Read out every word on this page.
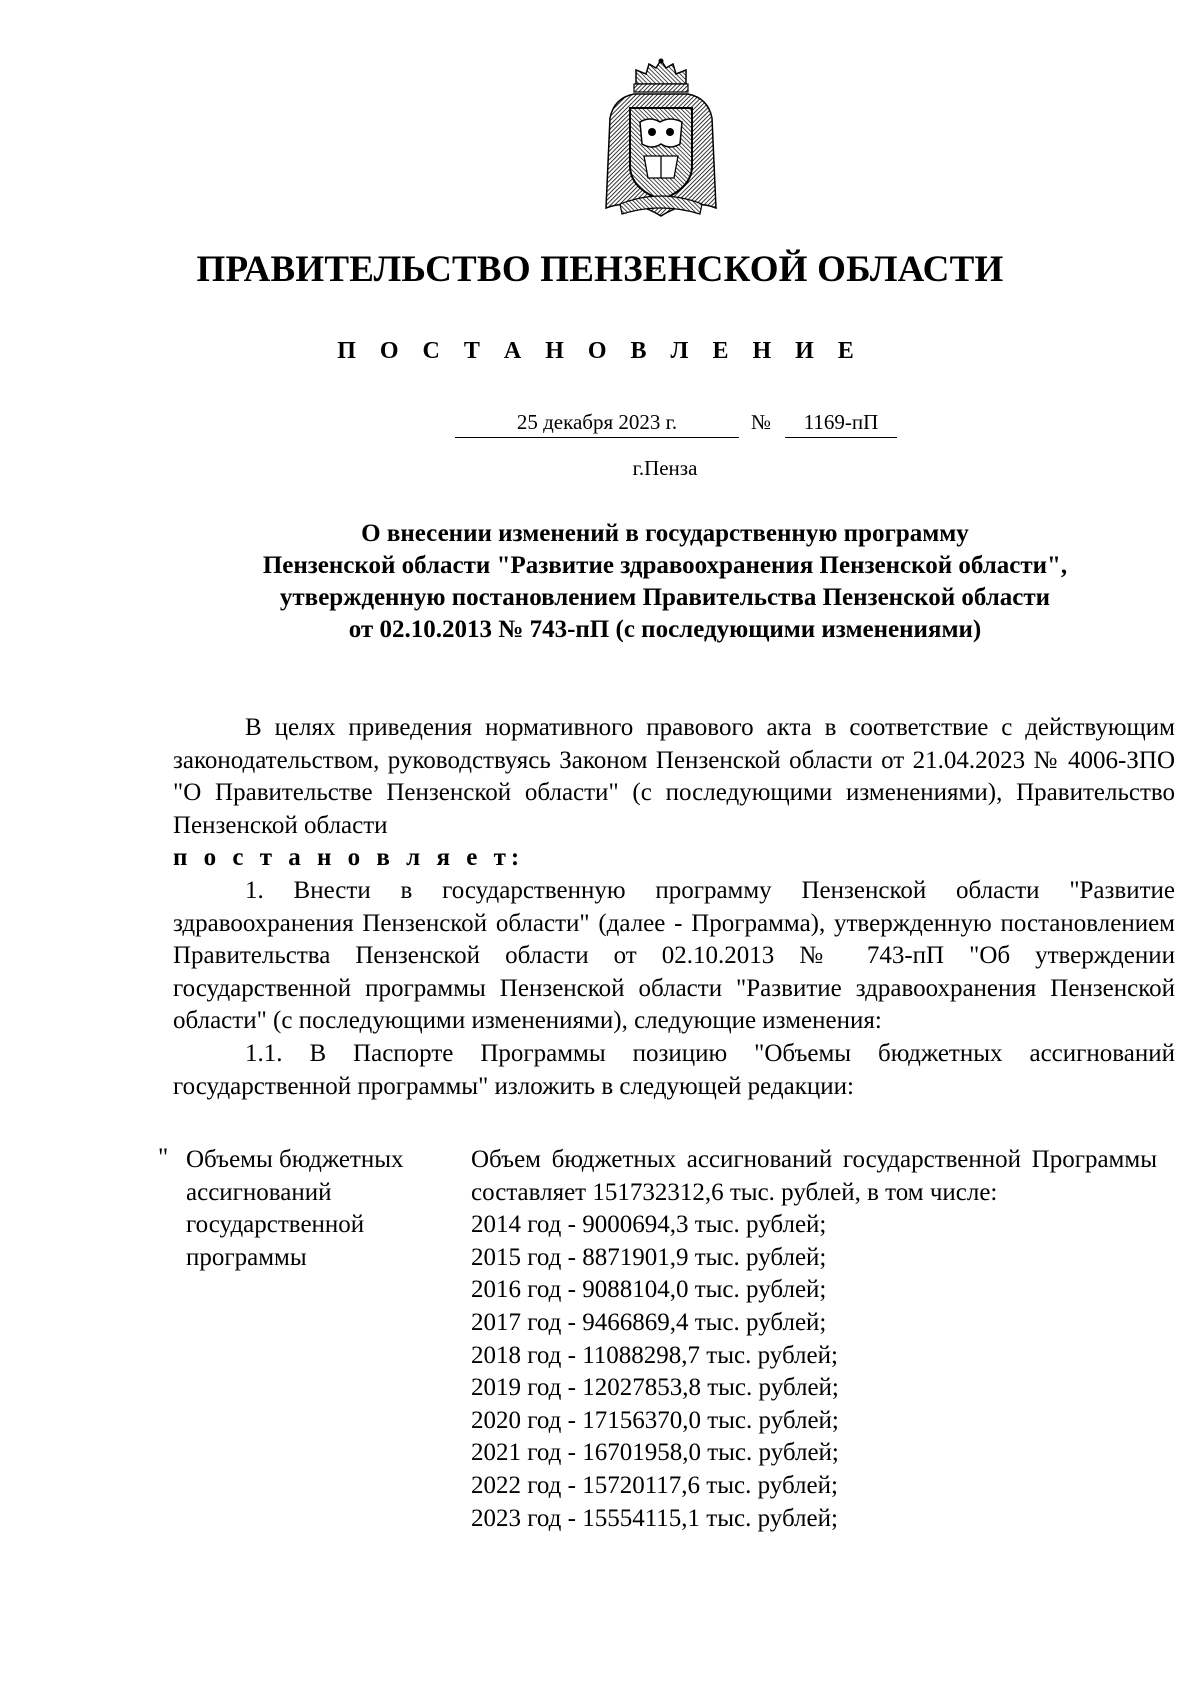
ПРАВИТЕЛЬСТВО ПЕНЗЕНСКОЙ ОБЛАСТИ
П О С Т А Н О В Л Е Н И Е
25 декабря 2023 г.	№	1169-пП
г.Пенза
О внесении изменений в государственную программу
Пензенской области "Развитие здравоохранения Пензенской области",
утвержденную постановлением Правительства Пензенской области
от 02.10.2013 № 743-пП (с последующими изменениями)

В целях приведения нормативного правового акта в соответствие с действующим законодательством, руководствуясь Законом Пензенской области от 21.04.2023 № 4006-ЗПО "О Правительстве Пензенской области" (с последующими изменениями), Правительство Пензенской области
п о с т а н о в л я е т:

1. Внести в государственную программу Пензенской области "Развитие здравоохранения Пензенской области" (далее - Программа), утвержденную постановлением Правительства Пензенской области от 02.10.2013 № 743-пП "Об утверждении государственной программы Пензенской области "Развитие здравоохранения Пензенской области" (с последующими изменениями), следующие изменения:

1.1. В Паспорте Программы позицию "Объемы бюджетных ассигнований государственной программы" изложить в следующей редакции:

" Объемы бюджетных ассигнований государственной программы
Объем бюджетных ассигнований государственной Программы составляет 151732312,6 тыс. рублей, в том числе:
2014 год - 9000694,3 тыс. рублей;
2015 год - 8871901,9 тыс. рублей;
2016 год - 9088104,0 тыс. рублей;
2017 год - 9466869,4 тыс. рублей;
2018 год - 11088298,7 тыс. рублей;
2019 год - 12027853,8 тыс. рублей;
2020 год - 17156370,0 тыс. рублей;
2021 год - 16701958,0 тыс. рублей;
2022 год - 15720117,6 тыс. рублей;
2023 год - 15554115,1 тыс. рублей;
